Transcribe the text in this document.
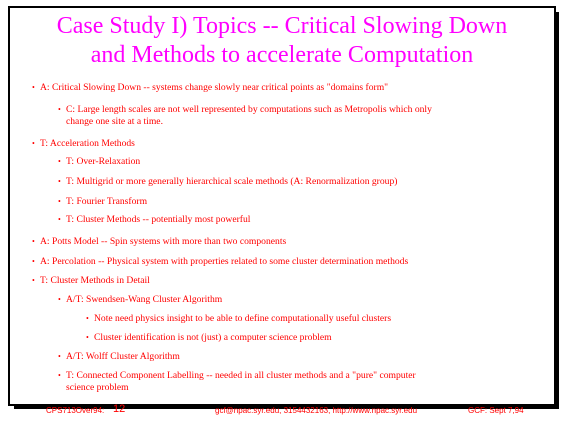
Case Study I) Topics -- Critical Slowing Down
and Methods to accelerate Computation
• A: Critical Slowing Down -- systems change slowly near critical points as "domains form"
• C: Large length scales are not well represented by computations such as Metropolis which only
change one site at a time.
• T: Acceleration Methods
• T: Over-Relaxation
• T: Multigrid or more generally hierarchical scale methods (A: Renormalization group)
• T: Fourier Transform
• T: Cluster Methods -- potentially most powerful
• A: Potts Model -- Spin systems with more than two components
• A: Percolation -- Physical system with properties related to some cluster determination methods
• T: Cluster Methods in Detail
• A/T: Swendsen-Wang Cluster Algorithm
• Note need physics insight to be able to define computationally useful clusters
• Cluster identification is not (just) a computer science problem
• A/T: Wolff Cluster Algorithm
• T: Connected Component Labelling -- needed in all cluster methods and a "pure" computer
science problem
CPS713Over94: 12	gcf@npac.syr.edu, 3154432163, http://www.npac.syr.edu	GCF: Sept 7,94
